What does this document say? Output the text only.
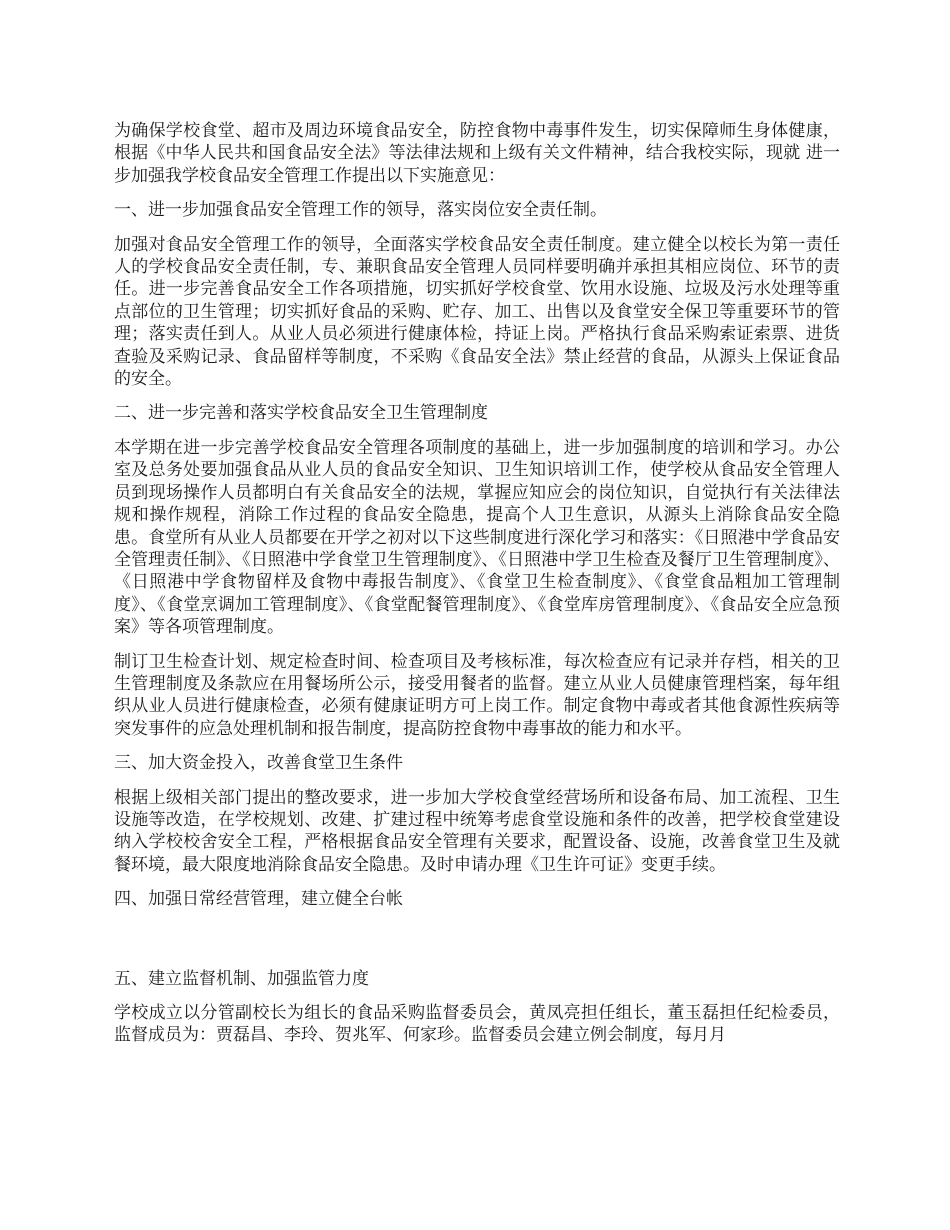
为确保学校食堂、超市及周边环境食品安全，防控食物中毒事件发生，切实保障师生身体健康，根据《中华人民共和国食品安全法》等法律法规和上级有关文件精神，结合我校实际，现就 进一步加强我学校食品安全管理工作提出以下实施意见：

一、进一步加强食品安全管理工作的领导，落实岗位安全责任制。

加强对食品安全管理工作的领导，全面落实学校食品安全责任制度。建立健全以校长为第一责任人的学校食品安全责任制，专、兼职食品安全管理人员同样要明确并承担其相应岗位、环节的责任。进一步完善食品安全工作各项措施，切实抓好学校食堂、饮用水设施、垃圾及污水处理等重点部位的卫生管理；切实抓好食品的采购、贮存、加工、出售以及食堂安全保卫等重要环节的管理；落实责任到人。从业人员必须进行健康体检，持证上岗。严格执行食品采购索证索票、进货查验及采购记录、食品留样等制度，不采购《食品安全法》禁止经营的食品，从源头上保证食品的安全。

二、进一步完善和落实学校食品安全卫生管理制度

本学期在进一步完善学校食品安全管理各项制度的基础上，进一步加强制度的培训和学习。办公室及总务处要加强食品从业人员的食品安全知识、卫生知识培训工作，使学校从食品安全管理人员到现场操作人员都明白有关食品安全的法规，掌握应知应会的岗位知识，自觉执行有关法律法规和操作规程，消除工作过程的食品安全隐患，提高个人卫生意识，从源头上消除食品安全隐患。食堂所有从业人员都要在开学之初对以下这些制度进行深化学习和落实：《日照港中学食品安全管理责任制》、《日照港中学食堂卫生管理制度》、《日照港中学卫生检查及餐厅卫生管理制度》、《日照港中学食物留样及食物中毒报告制度》、《食堂卫生检查制度》、《食堂食品粗加工管理制度》、《食堂烹调加工管理制度》、《食堂配餐管理制度》、《食堂库房管理制度》、《食品安全应急预案》等各项管理制度。

制订卫生检查计划、规定检查时间、检查项目及考核标准，每次检查应有记录并存档，相关的卫生管理制度及条款应在用餐场所公示，接受用餐者的监督。建立从业人员健康管理档案，每年组织从业人员进行健康检查，必须有健康证明方可上岗工作。制定食物中毒或者其他食源性疾病等突发事件的应急处理机制和报告制度，提高防控食物中毒事故的能力和水平。

三、加大资金投入，改善食堂卫生条件

根据上级相关部门提出的整改要求，进一步加大学校食堂经营场所和设备布局、加工流程、卫生设施等改造，在学校规划、改建、扩建过程中统筹考虑食堂设施和条件的改善，把学校食堂建设纳入学校校舍安全工程，严格根据食品安全管理有关要求，配置设备、设施，改善食堂卫生及就餐环境，最大限度地消除食品安全隐患。及时申请办理《卫生许可证》变更手续。

四、加强日常经营管理，建立健全台帐

五、建立监督机制、加强监管力度

学校成立以分管副校长为组长的食品采购监督委员会，黄凤亮担任组长，董玉磊担任纪检委员，监督成员为：贾磊昌、李玲、贺兆军、何家珍。监督委员会建立例会制度，每月月
